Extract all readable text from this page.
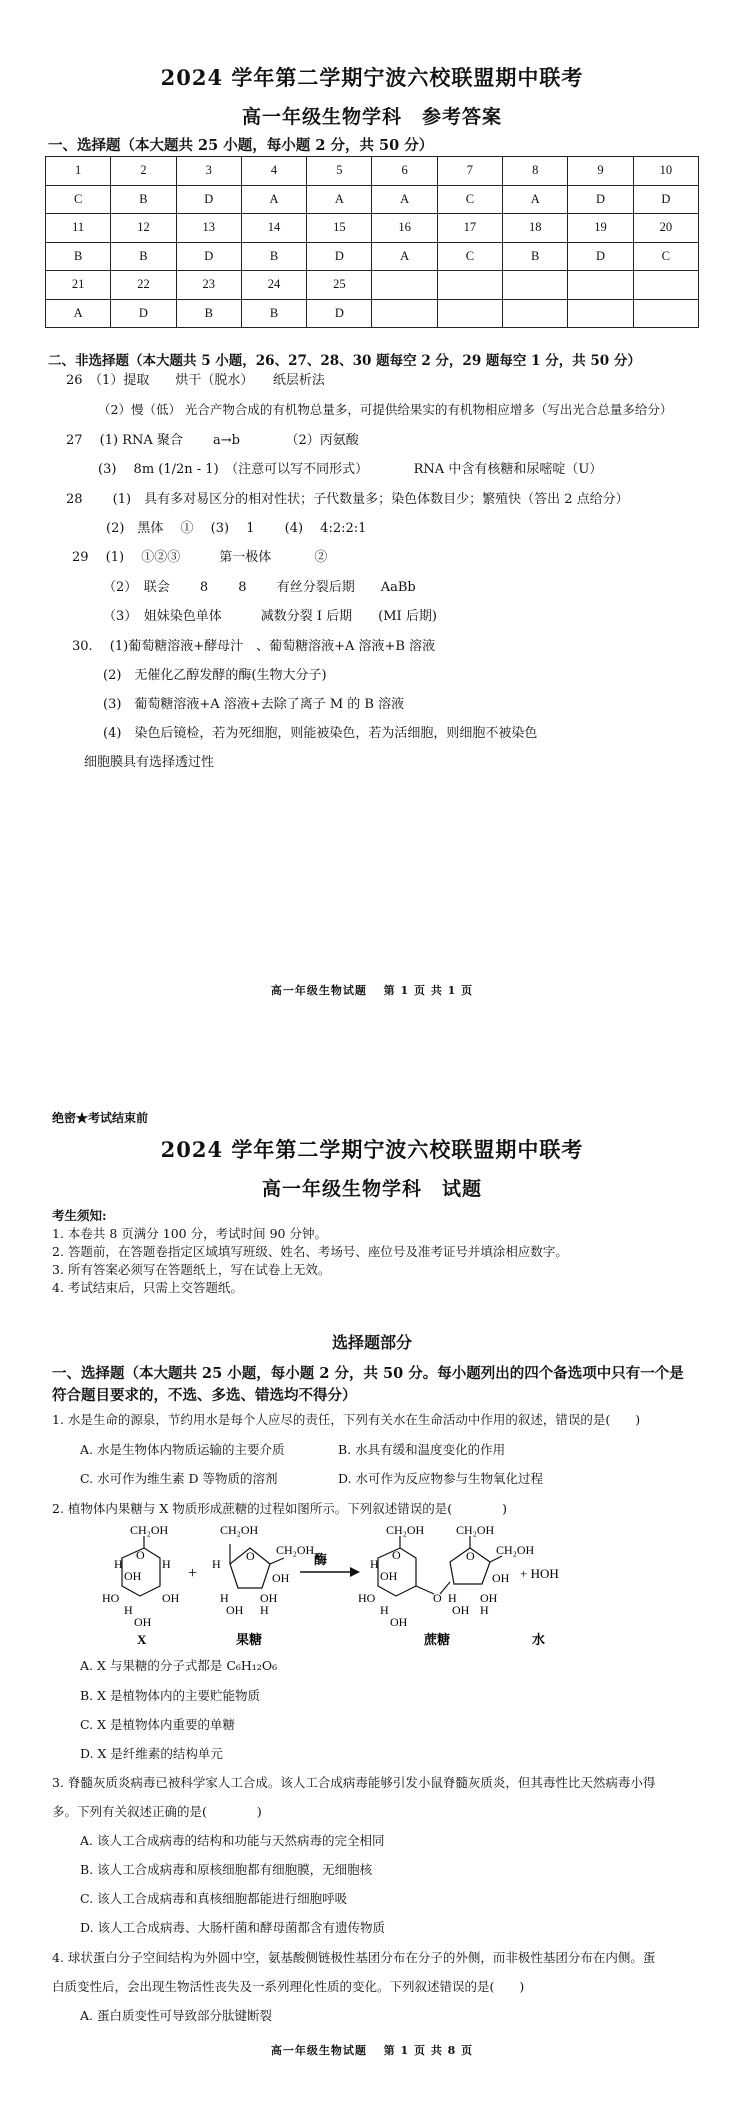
2024 学年第二学期宁波六校联盟期中联考
高一年级生物学科　参考答案
一、选择题（本大题共 25 小题，每小题 2 分，共 50 分）
1	2	3	4	5	6	7	8	9	10
C	B	D	A	A	A	C	A	D	D
11	12	13	14	15	16	17	18	19	20
B	B	D	B	D	A	C	B	D	C
21	22	23	24	25					
A	D	B	B	D					
二、非选择题（本大题共 5 小题，26、27、28、30 题每空 2 分，29 题每空 1 分，共 50 分）
26　（1）提取　　烘干（脱水）　　纸层析法
（2）慢（低） 光合产物合成的有机物总量多，可提供给果实的有机物相应增多（写出光合总量多给分）
27　 (1) RNA 聚合　　 a→b　　　　（2）丙氨酸
(3)　 8m (1/2n - 1)　（注意可以写不同形式）　　　　RNA 中含有核糖和尿嘧啶（U）
28　　 (1)　具有多对易区分的相对性状；子代数量多；染色体数目少；繁殖快（答出 2 点给分）
(2)　黑体　 ①　 (3)　 1　　 (4)　 4:2:2:1
29　 (1)　 ①②③　　　第一极体　　　 ②
（2）　联会　　 8　　 8　　 有丝分裂后期　　AaBb
（3）　姐妹染色单体　　　减数分裂 Ⅰ 后期　　(MⅠ 后期)
30.　 (1)葡萄糖溶液+酵母汁　、葡萄糖溶液+A 溶液+B 溶液
(2)　无催化乙醇发酵的酶(生物大分子)
(3)　葡萄糖溶液+A 溶液+去除了离子 M 的 B 溶液
(4)　染色后镜检，若为死细胞，则能被染色，若为活细胞，则细胞不被染色
细胞膜具有选择透过性
高一年级生物试题　 第 1 页 共 1 页
绝密★考试结束前
2024 学年第二学期宁波六校联盟期中联考
高一年级生物学科　试题
考生须知:
1. 本卷共 8 页满分 100 分，考试时间 90 分钟。
2. 答题前，在答题卷指定区域填写班级、姓名、考场号、座位号及准考证号并填涂相应数字。
3. 所有答案必须写在答题纸上，写在试卷上无效。
4. 考试结束后，只需上交答题纸。
选择题部分
一、选择题（本大题共 25 小题，每小题 2 分，共 50 分。每小题列出的四个备选项中只有一个是
符合题目要求的，不选、多选、错选均不得分）
1. 水是生命的源泉，节约用水是每个人应尽的责任，下列有关水在生命活动中作用的叙述，错误的是(　　)
A. 水是生物体内物质运输的主要介质	B. 水具有缓和温度变化的作用
C. 水可作为维生素 D 等物质的溶剂	D. 水可作为反应物参与生物氧化过程
2. 植物体内果糖与 X 物质形成蔗糖的过程如图所示。下列叙述错误的是(　　　　)
CH₂OH
O
H
OH
H
HO	OH
H
OH
X
+
CH₂OH
O CH₂OH
H
OH
H
OH
OH
H
果糖
酶
CH₂OH
O
H
OH
HO
H
OH
O
CH₂OH
O CH₂OH
OH
H
OH
OH
H
蔗糖
+ HOH
水
A. X 与果糖的分子式都是 C₆H₁₂O₆
B. X 是植物体内的主要贮能物质
C. X 是植物体内重要的单糖
D. X 是纤维素的结构单元
3. 脊髓灰质炎病毒已被科学家人工合成。该人工合成病毒能够引发小鼠脊髓灰质炎，但其毒性比天然病毒小得
多。下列有关叙述正确的是(　　　　)
A. 该人工合成病毒的结构和功能与天然病毒的完全相同
B. 该人工合成病毒和原核细胞都有细胞膜，无细胞核
C. 该人工合成病毒和真核细胞都能进行细胞呼吸
D. 该人工合成病毒、大肠杆菌和酵母菌都含有遗传物质
4. 球状蛋白分子空间结构为外圆中空，氨基酸侧链极性基团分布在分子的外侧，而非极性基团分布在内侧。蛋
白质变性后，会出现生物活性丧失及一系列理化性质的变化。下列叙述错误的是(　　)
A. 蛋白质变性可导致部分肽键断裂
高一年级生物试题　 第 1 页 共 8 页
